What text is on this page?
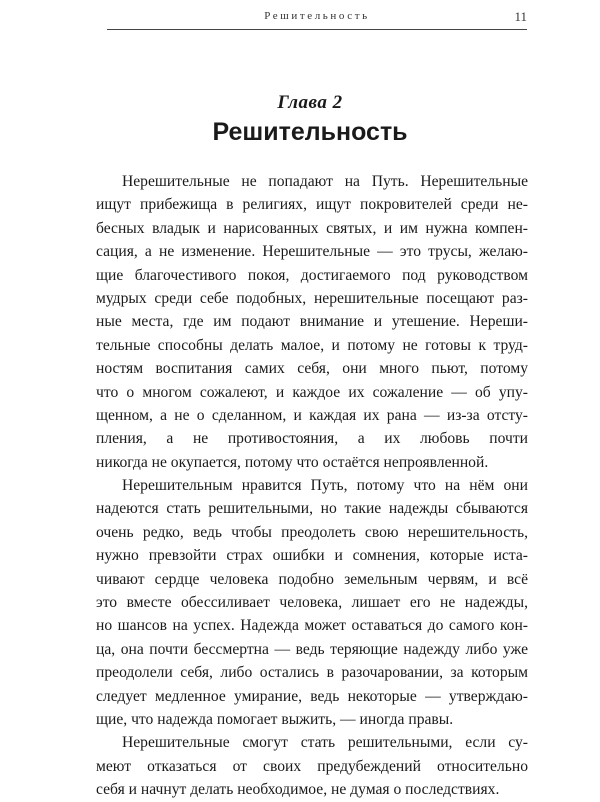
Решительность	11
Глава 2
Решительность
Нерешительные не попадают на Путь. Нерешительные
ищут прибежища в религиях, ищут покровителей среди не-
бесных владык и нарисованных святых, и им нужна компен-
сация, а не изменение. Нерешительные — это трусы, желаю-
щие благочестивого покоя, достигаемого под руководством
мудрых среди себе подобных, нерешительные посещают раз-
ные места, где им подают внимание и утешение. Нереши-
тельные способны делать малое, и потому не готовы к труд-
ностям воспитания самих себя, они много пьют, потому
что о многом сожалеют, и каждое их сожаление — об упу-
щенном, а не о сделанном, и каждая их рана — из-за отсту-
пления, а не противостояния, а их любовь почти
никогда не окупается, потому что остаётся непроявленной.
Нерешительным нравится Путь, потому что на нём они
надеются стать решительными, но такие надежды сбываются
очень редко, ведь чтобы преодолеть свою нерешительность,
нужно превзойти страх ошибки и сомнения, которые иста-
чивают сердце человека подобно земельным червям, и всё
это вместе обессиливает человека, лишает его не надежды,
но шансов на успех. Надежда может оставаться до самого кон-
ца, она почти бессмертна — ведь теряющие надежду либо уже
преодолели себя, либо остались в разочаровании, за которым
следует медленное умирание, ведь некоторые — утверждаю-
щие, что надежда помогает выжить, — иногда правы.
Нерешительные смогут стать решительными, если су-
меют отказаться от своих предубеждений относительно
себя и начнут делать необходимое, не думая о последствиях.
